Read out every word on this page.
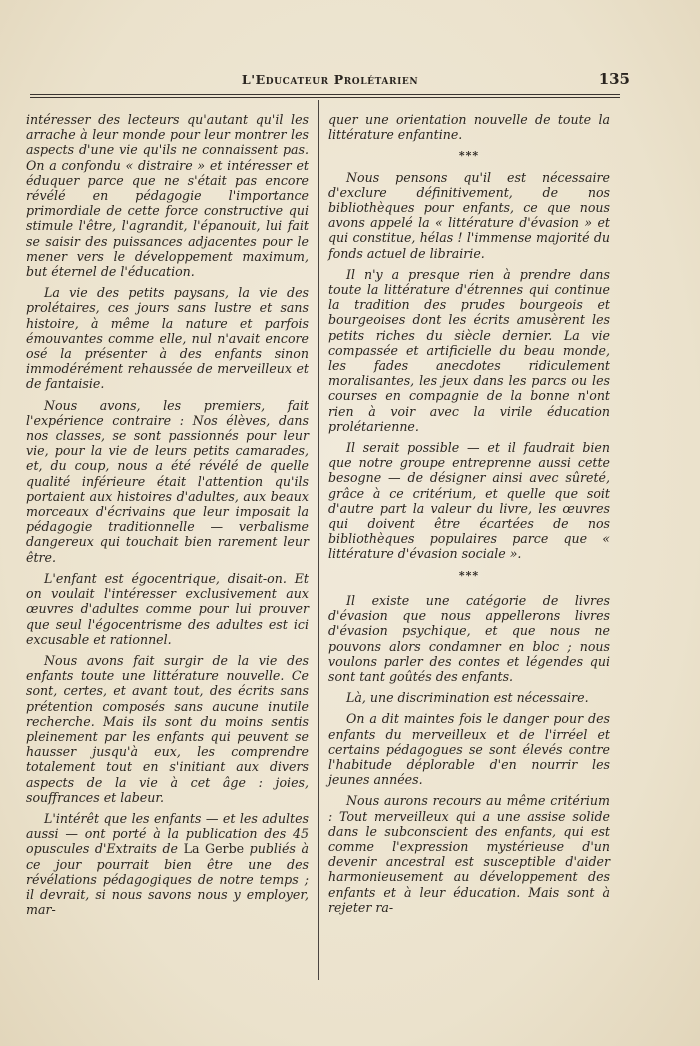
L'Educateur Prolétarien	135

intéresser des lecteurs qu'autant qu'il les arrache à leur monde pour leur montrer les aspects d'une vie qu'ils ne connaissent pas. On a confondu « distraire » et intéresser et éduquer parce que ne s'était pas encore révélé en pédagogie l'importance primordiale de cette force constructive qui stimule l'être, l'agrandit, l'épanouit, lui fait se saisir des puissances adjacentes pour le mener vers le développement maximum, but éternel de l'éducation.

La vie des petits paysans, la vie des prolétaires, ces jours sans lustre et sans histoire, à même la nature et parfois émouvantes comme elle, nul n'avait encore osé la présenter à des enfants sinon immodérément rehaussée de merveilleux et de fantaisie.

Nous avons, les premiers, fait l'expérience contraire : Nos élèves, dans nos classes, se sont passionnés pour leur vie, pour la vie de leurs petits camarades, et, du coup, nous a été révélé de quelle qualité inférieure était l'attention qu'ils portaient aux histoires d'adultes, aux beaux morceaux d'écrivains que leur imposait la pédagogie traditionnelle — verbalisme dangereux qui touchait bien rarement leur être.

L'enfant est égocentrique, disait-on. Et on voulait l'intéresser exclusivement aux œuvres d'adultes comme pour lui prouver que seul l'égocentrisme des adultes est ici excusable et rationnel.

Nous avons fait surgir de la vie des enfants toute une littérature nouvelle. Ce sont, certes, et avant tout, des écrits sans prétention composés sans aucune inutile recherche. Mais ils sont du moins sentis pleinement par les enfants qui peuvent se hausser jusqu'à eux, les comprendre totalement tout en s'initiant aux divers aspects de la vie à cet âge : joies, souffrances et labeur.

L'intérêt que les enfants — et les adultes aussi — ont porté à la publication des 45 opuscules d'Extraits de La Gerbe publiés à ce jour pourrait bien être une des révélations pédagogiques de notre temps ; il devrait, si nous savons nous y employer, mar-

quer une orientation nouvelle de toute la littérature enfantine.

***

Nous pensons qu'il est nécessaire d'exclure définitivement, de nos bibliothèques pour enfants, ce que nous avons appelé la « littérature d'évasion » et qui constitue, hélas ! l'immense majorité du fonds actuel de librairie.

Il n'y a presque rien à prendre dans toute la littérature d'étrennes qui continue la tradition des prudes bourgeois et bourgeoises dont les écrits amusèrent les petits riches du siècle dernier. La vie compassée et artificielle du beau monde, les fades anecdotes ridiculement moralisantes, les jeux dans les parcs ou les courses en compagnie de la bonne n'ont rien à voir avec la virile éducation prolétarienne.

Il serait possible — et il faudrait bien que notre groupe entreprenne aussi cette besogne — de désigner ainsi avec sûreté, grâce à ce critérium, et quelle que soit d'autre part la valeur du livre, les œuvres qui doivent être écartées de nos bibliothèques populaires parce que « littérature d'évasion sociale ».

***

Il existe une catégorie de livres d'évasion que nous appellerons livres d'évasion psychique, et que nous ne pouvons alors condamner en bloc ; nous voulons parler des contes et légendes qui sont tant goûtés des enfants.

Là, une discrimination est nécessaire.

On a dit maintes fois le danger pour des enfants du merveilleux et de l'irréel et certains pédagogues se sont élevés contre l'habitude déplorable d'en nourrir les jeunes années.

Nous aurons recours au même critérium : Tout merveilleux qui a une assise solide dans le subconscient des enfants, qui est comme l'expression mystérieuse d'un devenir ancestral est susceptible d'aider harmonieusement au développement des enfants et à leur éducation. Mais sont à rejeter ra-
